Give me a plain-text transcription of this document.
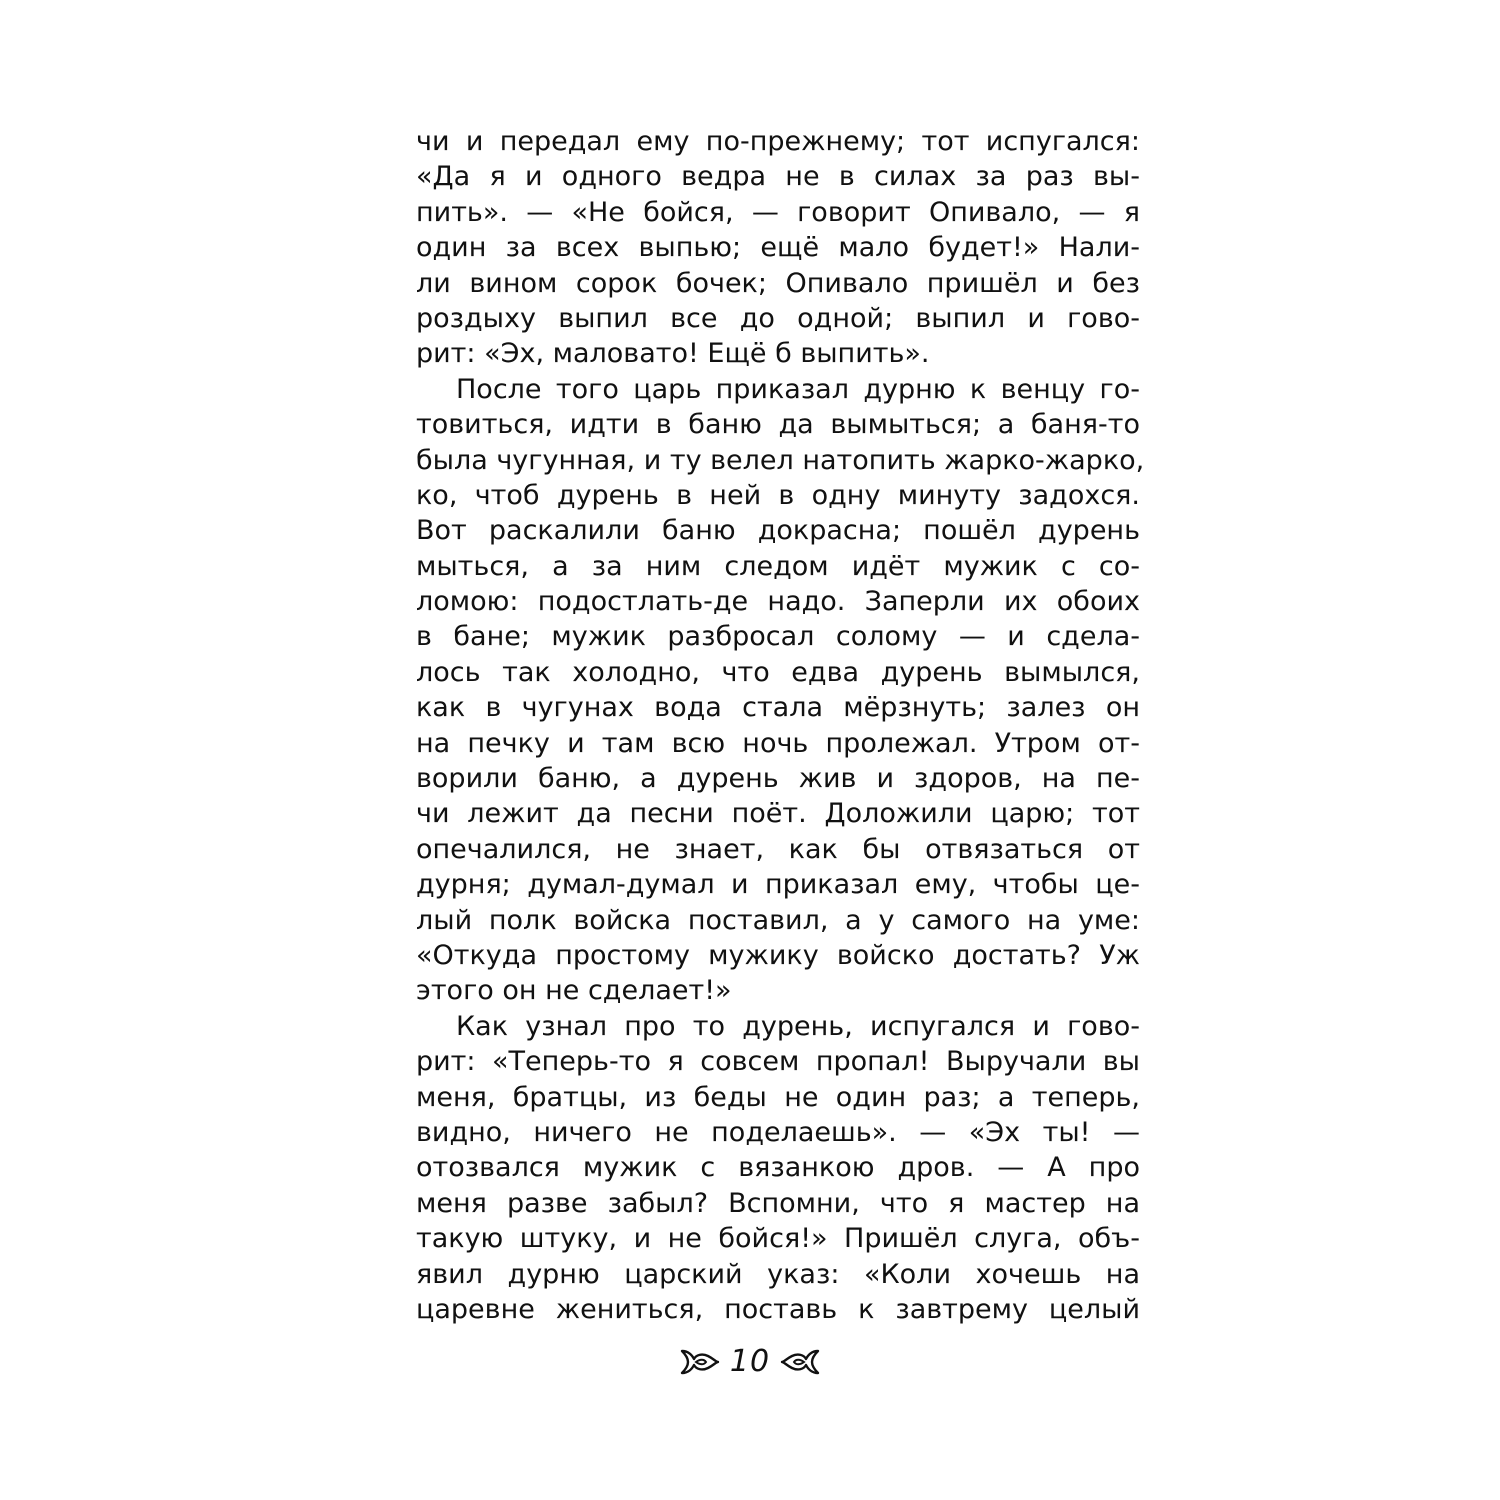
чи и передал ему по-прежнему; тот испугался:
«Да я и одного ведра не в силах за раз вы-
пить». — «Не бойся, — говорит Опивало, — я
один за всех выпью; ещё мало будет!» Нали-
ли вином сорок бочек; Опивало пришёл и без
роздыху выпил все до одной; выпил и гово-
рит: «Эх, маловато! Ещё б выпить».
После того царь приказал дурню к венцу го-
товиться, идти в баню да вымыться; а баня-то
была чугунная, и ту велел натопить жарко-жарко,
ко, чтоб дурень в ней в одну минуту задохся.
Вот раскалили баню докрасна; пошёл дурень
мыться, а за ним следом идёт мужик с со-
ломою: подостлать-де надо. Заперли их обоих
в бане; мужик разбросал солому — и сдела-
лось так холодно, что едва дурень вымылся,
как в чугунах вода стала мёрзнуть; залез он
на печку и там всю ночь пролежал. Утром от-
ворили баню, а дурень жив и здоров, на пе-
чи лежит да песни поёт. Доложили царю; тот
опечалился, не знает, как бы отвязаться от
дурня; думал-думал и приказал ему, чтобы це-
лый полк войска поставил, а у самого на уме:
«Откуда простому мужику войско достать? Уж
этого он не сделает!»
Как узнал про то дурень, испугался и гово-
рит: «Теперь-то я совсем пропал! Выручали вы
меня, братцы, из беды не один раз; а теперь,
видно, ничего не поделаешь». — «Эх ты! —
отозвался мужик с вязанкою дров. — А про
меня разве забыл? Вспомни, что я мастер на
такую штуку, и не бойся!» Пришёл слуга, объ-
явил дурню царский указ: «Коли хочешь на
царевне жениться, поставь к завтрему целый
10
